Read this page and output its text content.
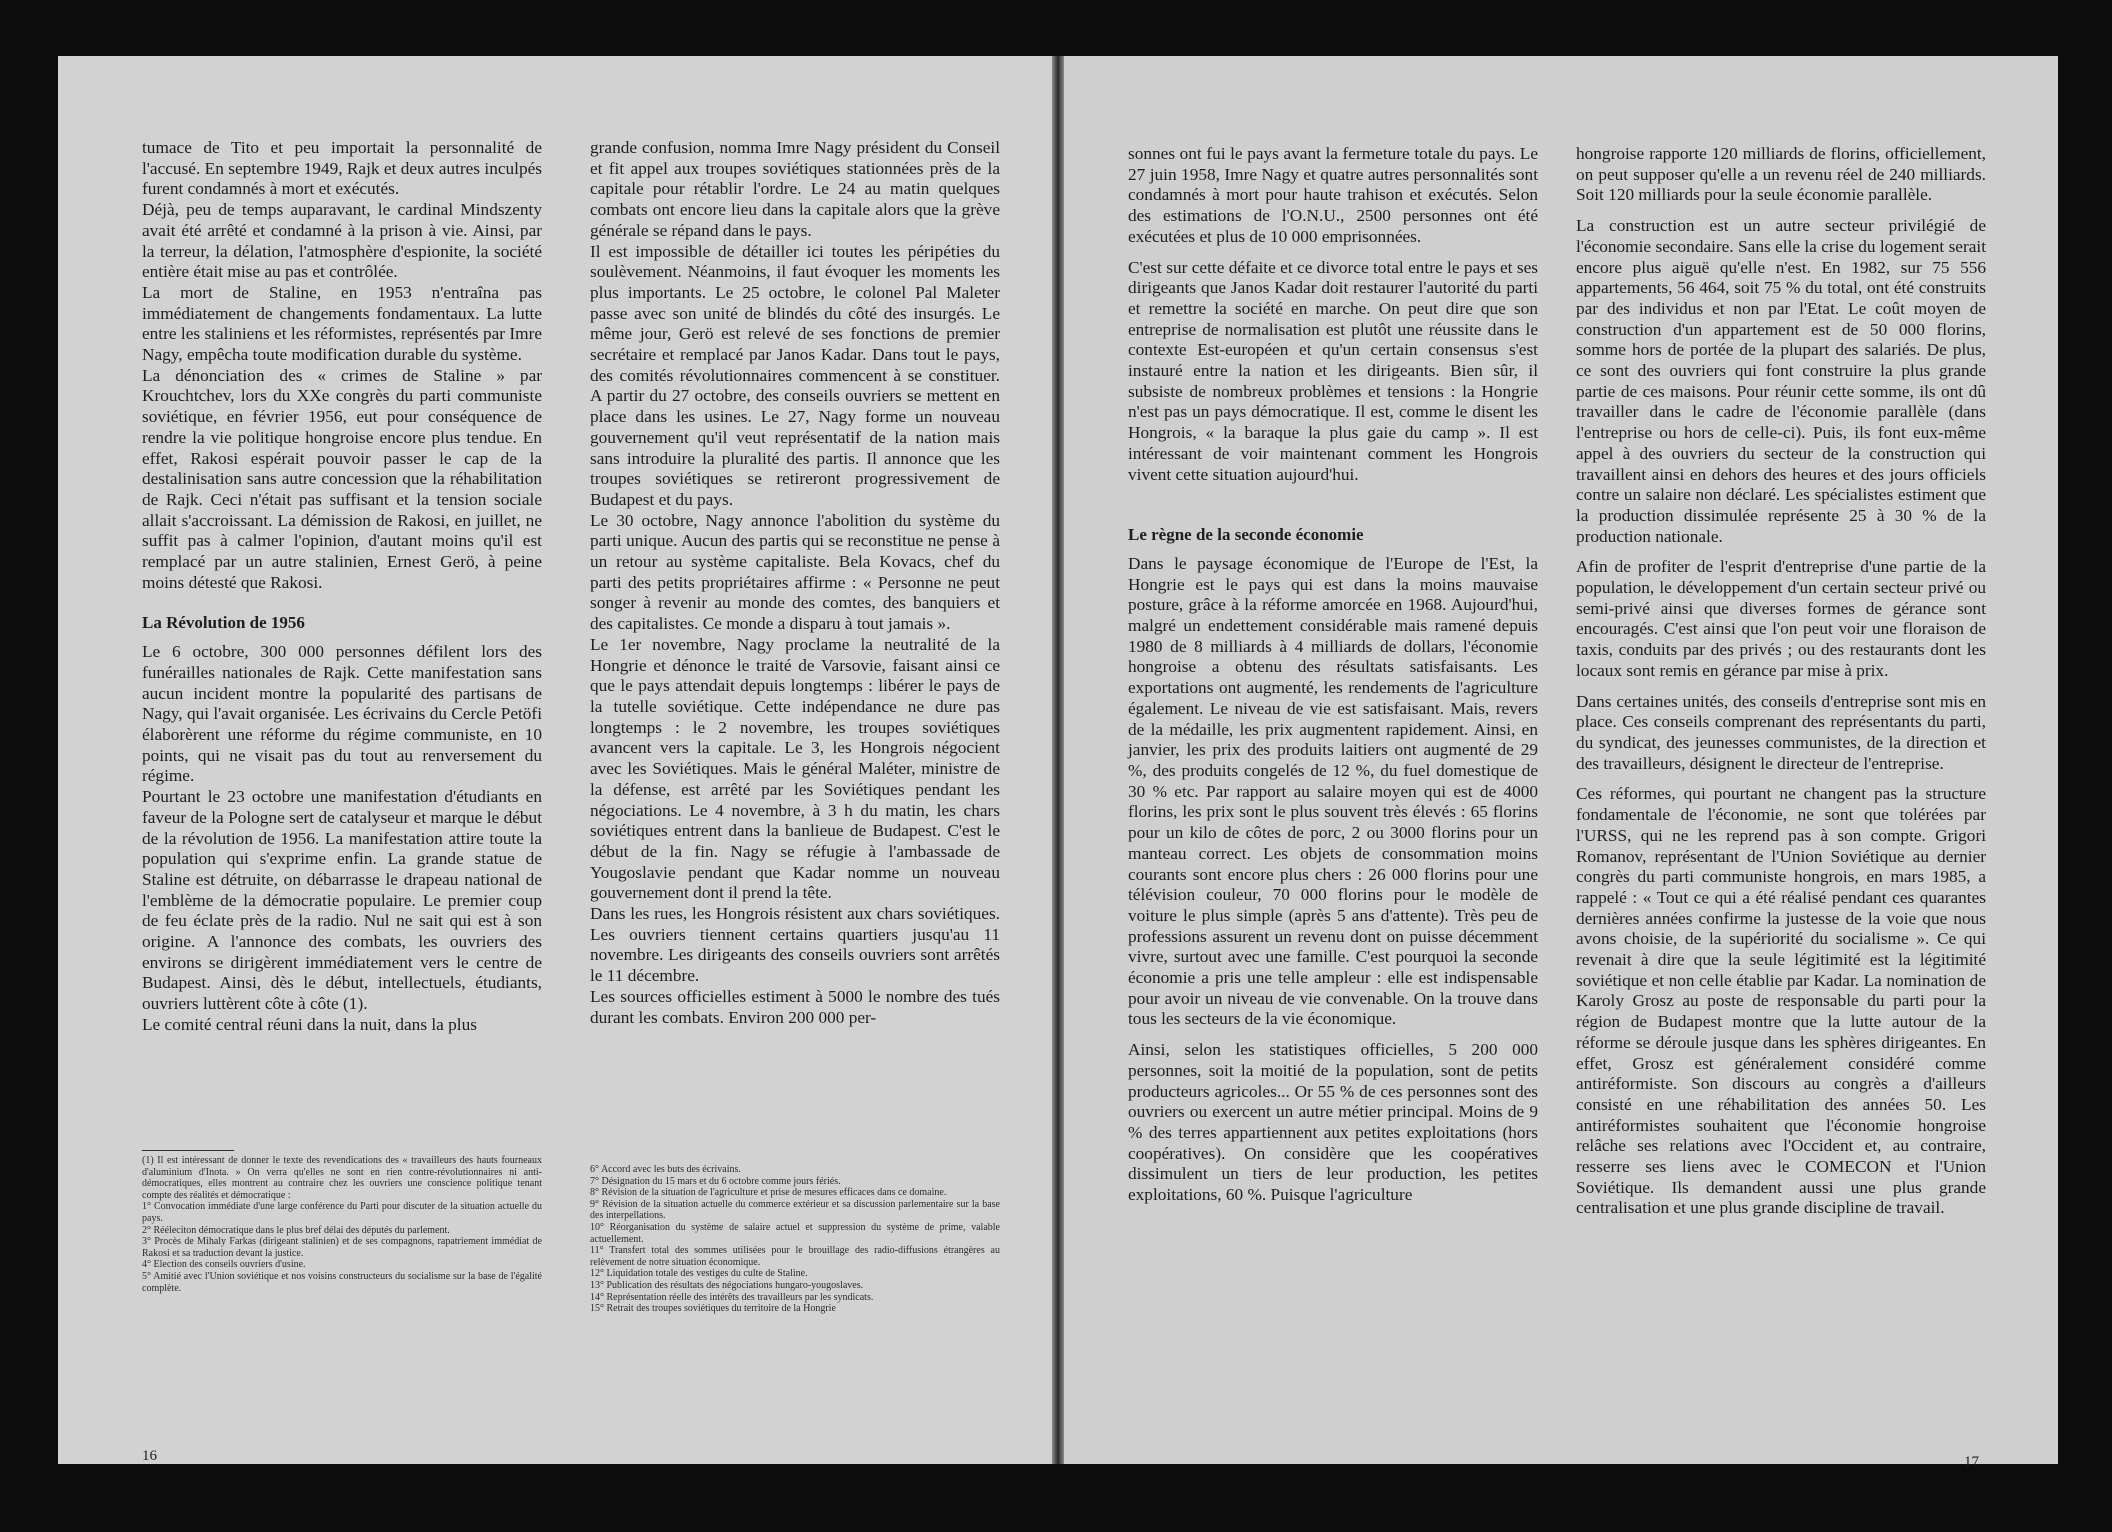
tumace de Tito et peu importait la personnalité de l'accusé. En septembre 1949, Rajk et deux autres inculpés furent condamnés à mort et exécutés.

Déjà, peu de temps auparavant, le cardinal Mindszenty avait été arrêté et condamné à la prison à vie. Ainsi, par la terreur, la délation, l'atmosphère d'espionite, la société entière était mise au pas et contrôlée.

La mort de Staline, en 1953 n'entraîna pas immédiatement de changements fondamentaux. La lutte entre les staliniens et les réformistes, représentés par Imre Nagy, empêcha toute modification durable du système.

La dénonciation des « crimes de Staline » par Krouchtchev, lors du XXe congrès du parti communiste soviétique, en février 1956, eut pour conséquence de rendre la vie politique hongroise encore plus tendue. En effet, Rakosi espérait pouvoir passer le cap de la destalinisation sans autre concession que la réhabilitation de Rajk. Ceci n'était pas suffisant et la tension sociale allait s'accroissant. La démission de Rakosi, en juillet, ne suffit pas à calmer l'opinion, d'autant moins qu'il est remplacé par un autre stalinien, Ernest Gerö, à peine moins détesté que Rakosi.

La Révolution de 1956

Le 6 octobre, 300 000 personnes défilent lors des funérailles nationales de Rajk. Cette manifestation sans aucun incident montre la popularité des partisans de Nagy, qui l'avait organisée. Les écrivains du Cercle Petöfi élaborèrent une réforme du régime communiste, en 10 points, qui ne visait pas du tout au renversement du régime.

Pourtant le 23 octobre une manifestation d'étudiants en faveur de la Pologne sert de catalyseur et marque le début de la révolution de 1956. La manifestation attire toute la population qui s'exprime enfin. La grande statue de Staline est détruite, on débarrasse le drapeau national de l'emblème de la démocratie populaire. Le premier coup de feu éclate près de la radio. Nul ne sait qui est à son origine. A l'annonce des combats, les ouvriers des environs se dirigèrent immédiatement vers le centre de Budapest. Ainsi, dès le début, intellectuels, étudiants, ouvriers luttèrent côte à côte (1).

Le comité central réuni dans la nuit, dans la plus

grande confusion, nomma Imre Nagy président du Conseil et fit appel aux troupes soviétiques stationnées près de la capitale pour rétablir l'ordre. Le 24 au matin quelques combats ont encore lieu dans la capitale alors que la grève générale se répand dans le pays.

Il est impossible de détailler ici toutes les péripéties du soulèvement. Néanmoins, il faut évoquer les moments les plus importants. Le 25 octobre, le colonel Pal Maleter passe avec son unité de blindés du côté des insurgés. Le même jour, Gerö est relevé de ses fonctions de premier secrétaire et remplacé par Janos Kadar. Dans tout le pays, des comités révolutionnaires commencent à se constituer. A partir du 27 octobre, des conseils ouvriers se mettent en place dans les usines. Le 27, Nagy forme un nouveau gouvernement qu'il veut représentatif de la nation mais sans introduire la pluralité des partis. Il annonce que les troupes soviétiques se retireront progressivement de Budapest et du pays.

Le 30 octobre, Nagy annonce l'abolition du système du parti unique. Aucun des partis qui se reconstitue ne pense à un retour au système capitaliste. Bela Kovacs, chef du parti des petits propriétaires affirme : « Personne ne peut songer à revenir au monde des comtes, des banquiers et des capitalistes. Ce monde a disparu à tout jamais ».

Le 1er novembre, Nagy proclame la neutralité de la Hongrie et dénonce le traité de Varsovie, faisant ainsi ce que le pays attendait depuis longtemps : libérer le pays de la tutelle soviétique. Cette indépendance ne dure pas longtemps : le 2 novembre, les troupes soviétiques avancent vers la capitale. Le 3, les Hongrois négocient avec les Soviétiques. Mais le général Maléter, ministre de la défense, est arrêté par les Soviétiques pendant les négociations. Le 4 novembre, à 3 h du matin, les chars soviétiques entrent dans la banlieue de Budapest. C'est le début de la fin. Nagy se réfugie à l'ambassade de Yougoslavie pendant que Kadar nomme un nouveau gouvernement dont il prend la tête.

Dans les rues, les Hongrois résistent aux chars soviétiques. Les ouvriers tiennent certains quartiers jusqu'au 11 novembre. Les dirigeants des conseils ouvriers sont arrêtés le 11 décembre.

Les sources officielles estiment à 5000 le nombre des tués durant les combats. Environ 200 000 per-

(1) Il est intéressant de donner le texte des revendications des « travailleurs des hauts fourneaux d'aluminium d'Inota. » On verra qu'elles ne sont en rien contre-révolutionnaires ni anti-démocratiques, elles montrent au contraire chez les ouvriers une conscience politique tenant compte des réalités et démocratique :

1° Convocation immédiate d'une large conférence du Parti pour discuter de la situation actuelle du pays.

2° Rééleciton démocratique dans le plus bref délai des députés du parlement.

3° Procès de Mihaly Farkas (dirigeant stalinien) et de ses compagnons, rapatriement immédiat de Rakosi et sa traduction devant la justice.

4° Election des conseils ouvriers d'usine.

5° Amitié avec l'Union soviétique et nos voisins constructeurs du socialisme sur la base de l'égalité complète.

6° Accord avec les buts des écrivains.

7° Désignation du 15 mars et du 6 octobre comme jours fériés.

8° Révision de la situation de l'agriculture et prise de mesures efficaces dans ce domaine.

9° Révision de la situation actuelle du commerce extérieur et sa discussion parlementaire sur la base des interpellations.

10° Réorganisation du système de salaire actuel et suppression du système de prime, valable actuellement.

11° Transfert total des sommes utilisées pour le brouillage des radio-diffusions étrangères au relèvement de notre situation économique.

12° Liquidation totale des vestiges du culte de Staline.

13° Publication des résultats des négociations hungaro-yougoslaves.

14° Représentation réelle des intérêts des travailleurs par les syndicats.

15° Retrait des troupes soviétiques du territoire de la Hongrie

16

sonnes ont fui le pays avant la fermeture totale du pays. Le 27 juin 1958, Imre Nagy et quatre autres personnalités sont condamnés à mort pour haute trahison et exécutés. Selon des estimations de l'O.N.U., 2500 personnes ont été exécutées et plus de 10 000 emprisonnées.

C'est sur cette défaite et ce divorce total entre le pays et ses dirigeants que Janos Kadar doit restaurer l'autorité du parti et remettre la société en marche. On peut dire que son entreprise de normalisation est plutôt une réussite dans le contexte Est-européen et qu'un certain consensus s'est instauré entre la nation et les dirigeants. Bien sûr, il subsiste de nombreux problèmes et tensions : la Hongrie n'est pas un pays démocratique. Il est, comme le disent les Hongrois, « la baraque la plus gaie du camp ». Il est intéressant de voir maintenant comment les Hongrois vivent cette situation aujourd'hui.

Le règne de la seconde économie

Dans le paysage économique de l'Europe de l'Est, la Hongrie est le pays qui est dans la moins mauvaise posture, grâce à la réforme amorcée en 1968. Aujourd'hui, malgré un endettement considérable mais ramené depuis 1980 de 8 milliards à 4 milliards de dollars, l'économie hongroise a obtenu des résultats satisfaisants. Les exportations ont augmenté, les rendements de l'agriculture également. Le niveau de vie est satisfaisant. Mais, revers de la médaille, les prix augmentent rapidement. Ainsi, en janvier, les prix des produits laitiers ont augmenté de 29 %, des produits congelés de 12 %, du fuel domestique de 30 % etc. Par rapport au salaire moyen qui est de 4000 florins, les prix sont le plus souvent très élevés : 65 florins pour un kilo de côtes de porc, 2 ou 3000 florins pour un manteau correct. Les objets de consommation moins courants sont encore plus chers : 26 000 florins pour une télévision couleur, 70 000 florins pour le modèle de voiture le plus simple (après 5 ans d'attente). Très peu de professions assurent un revenu dont on puisse décemment vivre, surtout avec une famille. C'est pourquoi la seconde économie a pris une telle ampleur : elle est indispensable pour avoir un niveau de vie convenable. On la trouve dans tous les secteurs de la vie économique.

Ainsi, selon les statistiques officielles, 5 200 000 personnes, soit la moitié de la population, sont de petits producteurs agricoles... Or 55 % de ces personnes sont des ouvriers ou exercent un autre métier principal. Moins de 9 % des terres appartiennent aux petites exploitations (hors coopératives). On considère que les coopératives dissimulent un tiers de leur production, les petites exploitations, 60 %. Puisque l'agriculture

hongroise rapporte 120 milliards de florins, officiellement, on peut supposer qu'elle a un revenu réel de 240 milliards. Soit 120 milliards pour la seule économie parallèle.

La construction est un autre secteur privilégié de l'économie secondaire. Sans elle la crise du logement serait encore plus aiguë qu'elle n'est. En 1982, sur 75 556 appartements, 56 464, soit 75 % du total, ont été construits par des individus et non par l'Etat. Le coût moyen de construction d'un appartement est de 50 000 florins, somme hors de portée de la plupart des salariés. De plus, ce sont des ouvriers qui font construire la plus grande partie de ces maisons. Pour réunir cette somme, ils ont dû travailler dans le cadre de l'économie parallèle (dans l'entreprise ou hors de celle-ci). Puis, ils font eux-même appel à des ouvriers du secteur de la construction qui travaillent ainsi en dehors des heures et des jours officiels contre un salaire non déclaré. Les spécialistes estiment que la production dissimulée représente 25 à 30 % de la production nationale.

Afin de profiter de l'esprit d'entreprise d'une partie de la population, le développement d'un certain secteur privé ou semi-privé ainsi que diverses formes de gérance sont encouragés. C'est ainsi que l'on peut voir une floraison de taxis, conduits par des privés ; ou des restaurants dont les locaux sont remis en gérance par mise à prix.

Dans certaines unités, des conseils d'entreprise sont mis en place. Ces conseils comprenant des représentants du parti, du syndicat, des jeunesses communistes, de la direction et des travailleurs, désignent le directeur de l'entreprise.

Ces réformes, qui pourtant ne changent pas la structure fondamentale de l'économie, ne sont que tolérées par l'URSS, qui ne les reprend pas à son compte. Grigori Romanov, représentant de l'Union Soviétique au dernier congrès du parti communiste hongrois, en mars 1985, a rappelé : « Tout ce qui a été réalisé pendant ces quarantes dernières années confirme la justesse de la voie que nous avons choisie, de la supériorité du socialisme ». Ce qui revenait à dire que la seule légitimité est la légitimité soviétique et non celle établie par Kadar. La nomination de Karoly Grosz au poste de responsable du parti pour la région de Budapest montre que la lutte autour de la réforme se déroule jusque dans les sphères dirigeantes. En effet, Grosz est généralement considéré comme antiréformiste. Son discours au congrès a d'ailleurs consisté en une réhabilitation des années 50. Les antiréformistes souhaitent que l'économie hongroise relâche ses relations avec l'Occident et, au contraire, resserre ses liens avec le COMECON et l'Union Soviétique. Ils demandent aussi une plus grande centralisation et une plus grande discipline de travail.

17
